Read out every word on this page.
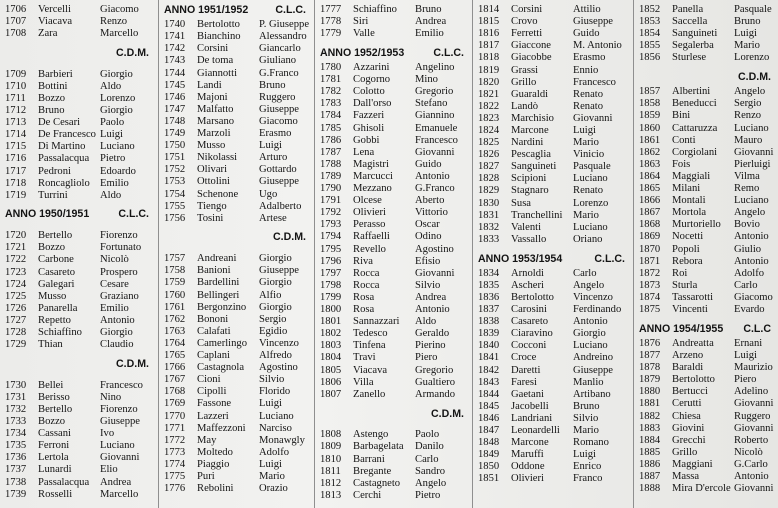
1706 Vercelli	Giacomo
1707 Viacava	Renzo
1708 Zara	Marcello
C.D.M.
1709 Barbieri	Giorgio
1710 Bottini	Aldo
1711 Bozzo	Lorenzo
1712 Bruno	Giorgio
1713 De Cesari Paolo
1714 De Francesco Luigi
1715 Di Martino Luciano
1716 Passalacqua Pietro
1717 Pedroni	Edoardo
1718 Roncagliolo Emilio
1719 Turrini	Aldo
ANNO 1950/1951	C.L.C.
1720 Bertello	Fiorenzo
1721 Bozzo	Fortunato
1722 Carbone Nicolò
1723 Casareto Prospero
1724 Galegari Cesare
1725 Musso	Graziano
1726 Panarella Emilio
1727 Repetto	Antonio
1728 Schiaffino Giorgio
1729 Thian	Claudio
C.D.M.
1730 Bellei	Francesco
1731 Berisso	Nino
1732 Bertello	Fiorenzo
1733 Bozzo	Giuseppe
1734 Cassani	Ivo
1735 Ferroni	Luciano
1736 Lertola	Giovanni
1737 Lunardi	Elio
1738 Passalacqua Andrea
1739 Rosselli	Marcello
ANNO 1951/1952	C.L.C.
1740 Bertolotto P. Giuseppe
1741 Bianchino Alessandro
1742 Corsini	Giancarlo
1743 De toma Giuliano
1744 Giannotti G.Franco
1745 Landi	Bruno
1746 Majoni	Ruggero
1747 Malfatto Giuseppe
1748 Marsano Giacomo
1749 Marzoli	Erasmo
1750 Musso	Luigi
1751 Nikolassi Arturo
1752 Olivari	Gottardo
1753 Ottolini	Giuseppe
1754 Schenone Ugo
1755 Tiengo	Adalberto
1756 Tosini	Artese
C.D.M.
1757 Andreani Giorgio
1758 Banioni	Giuseppe
1759 Bardellini Giorgio
1760 Bellingeri Alfio
1761 Bergonzino Giorgio
1762 Bononi	Sergio
1763 Calafati	Egidio
1764 Camerlingo Vincenzo
1765 Caplani	Alfredo
1766 Castagnola Agostino
1767 Cioni	Silvio
1768 Cipolli	Florido
1769 Fassone	Luigi
1770 Lazzeri	Luciano
1771 Maffezzoni Narciso
1772 May	Monawgly
1773 Moltedo Adolfo
1774 Piaggio	Luigi
1775 Puri	Mario
1776 Rebolini Orazio
1777 Schiaffino Bruno
1778 Siri	Andrea
1779 Valle	Emilio
ANNO 1952/1953	C.L.C.
1780 Azzarini Angelino
1781 Cogorno Mino
1782 Colotto	Gregorio
1783 Dall'orso Stefano
1784 Fazzeri	Giannino
1785 Ghisoli	Emanuele
1786 Gobbi	Francesco
1787 Lena	Giovanni
1788 Magistri Guido
1789 Marcucci Antonio
1790 Mezzano G.Franco
1791 Olcese	Aberto
1792 Olivieri	Vittorio
1793 Perasso	Oscar
1794 Raffaelli Odino
1795 Revello	Agostino
1796 Riva	Efisio
1797 Rocca	Giovanni
1798 Rocca	Silvio
1799 Rosa	Andrea
1800 Rosa	Antonio
1801 Sannazzari Aldo
1802 Tedesco	Geraldo
1803 Tinfena	Pierino
1804 Travi	Piero
1805 Viacava	Gregorio
1806 Villa	Gualtiero
1807 Zanello	Armando
C.D.M.
1808 Astengo	Paolo
1809 Barbagelata Danilo
1810 Barrani	Carlo
1811 Bregante Sandro
1812 Castagneto Angelo
1813 Cerchi	Pietro
1814 Corsini	Attilio
1815 Crovo	Giuseppe
1816 Ferretti	Guido
1817 Giaccone M. Antonio
1818 Giacobbe Erasmo
1819 Grassi	Ennio
1820 Grillo	Francesco
1821 Guaraldi Renato
1822 Landò	Renato
1823 Marchisio Giovanni
1824 Marcone Luigi
1825 Nardini	Mario
1826 Pescaglia Vinicio
1827 Sanguineti Pasquale
1828 Scipioni	Luciano
1829 Stagnaro Renato
1830 Susa	Lorenzo
1831 Tranchellini Mario
1832 Valenti	Luciano
1833 Vassallo	Oriano
ANNO 1953/1954	C.L.C.
1834 Arnoldi	Carlo
1835 Ascheri	Angelo
1836 Bertolotto Vincenzo
1837 Carosini Ferdinando
1838 Casareto Antonio
1839 Ciaravino Giorgio
1840 Cocconi	Luciano
1841 Croce	Andreino
1842 Daretti	Giuseppe
1843 Faresi	Manlio
1844 Gaetani	Artibano
1845 Jacobelli Bruno
1846 Landriani Silvio
1847 Leonardelli Mario
1848 Marcone Romano
1849 Maruffi	Luigi
1850 Oddone	Enrico
1851 Olivieri	Franco
1852 Panella	Pasquale
1853 Saccella	Bruno
1854 Sanguineti Luigi
1855 Segalerba Mario
1856 Sturlese	Lorenzo
C.D.M.
1857 Albertini Angelo
1858 Beneducci Sergio
1859 Bini	Renzo
1860 Cattaruzza Luciano
1861 Conti	Mauro
1862 Corgiolani Giovanni
1863 Fois	Pierluigi
1864 Maggiali Vilma
1865 Milani	Remo
1866 Montali	Luciano
1867 Mortola	Angelo
1868 Murtoriello Bovio
1869 Nocetti	Antonio
1870 Popoli	Giulio
1871 Rebora	Antonio
1872 Roi	Adolfo
1873 Sturla	Carlo
1874 Tassarotti Giacomo
1875 Vincenti Evardo
ANNO 1954/1955 C.L.C
1876 Andreatta Ernani
1877 Arzeno	Luigi
1878 Baraldi	Maurizio
1879 Bertolotto Piero
1880 Bertucci Adelino
1881 Cerutti	Giovanni
1882 Chiesa	Ruggero
1883 Giovini	Giovanni
1884 Grecchi	Roberto
1885 Grillo	Nicolò
1886 Maggiani G.Carlo
1887 Massa	Antonio
1888 Mira D'ercole Giovanni
